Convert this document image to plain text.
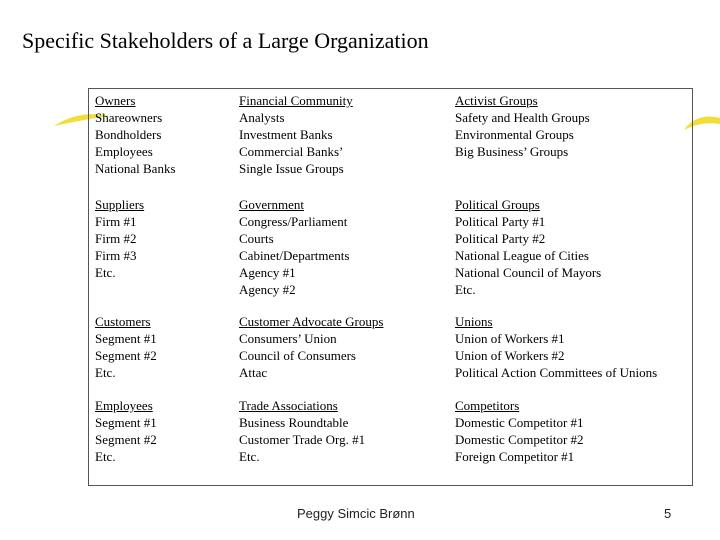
Specific Stakeholders of a Large Organization
Owners
Shareowners
Bondholders
Employees
National Banks
Financial Community
Analysts
Investment Banks
Commercial Banks’
Single Issue Groups
Activist Groups
Safety and Health Groups
Environmental Groups
Big Business’ Groups
Suppliers
Firm #1
Firm #2
Firm #3
Etc.
Government
Congress/Parliament
Courts
Cabinet/Departments
Agency #1
Agency #2
Political Groups
Political Party #1
Political Party #2
National League of Cities
National Council of Mayors
Etc.
Customers
Segment #1
Segment #2
Etc.
Customer Advocate Groups
Consumers’ Union
Council of Consumers
Attac
Unions
Union of Workers #1
Union of Workers #2
Political Action Committees of Unions
Employees
Segment #1
Segment #2
Etc.
Trade Associations
Business Roundtable
Customer Trade Org. #1
Etc.
Competitors
Domestic Competitor #1
Domestic Competitor #2
Foreign Competitor #1
Peggy Simcic Brønn	5
